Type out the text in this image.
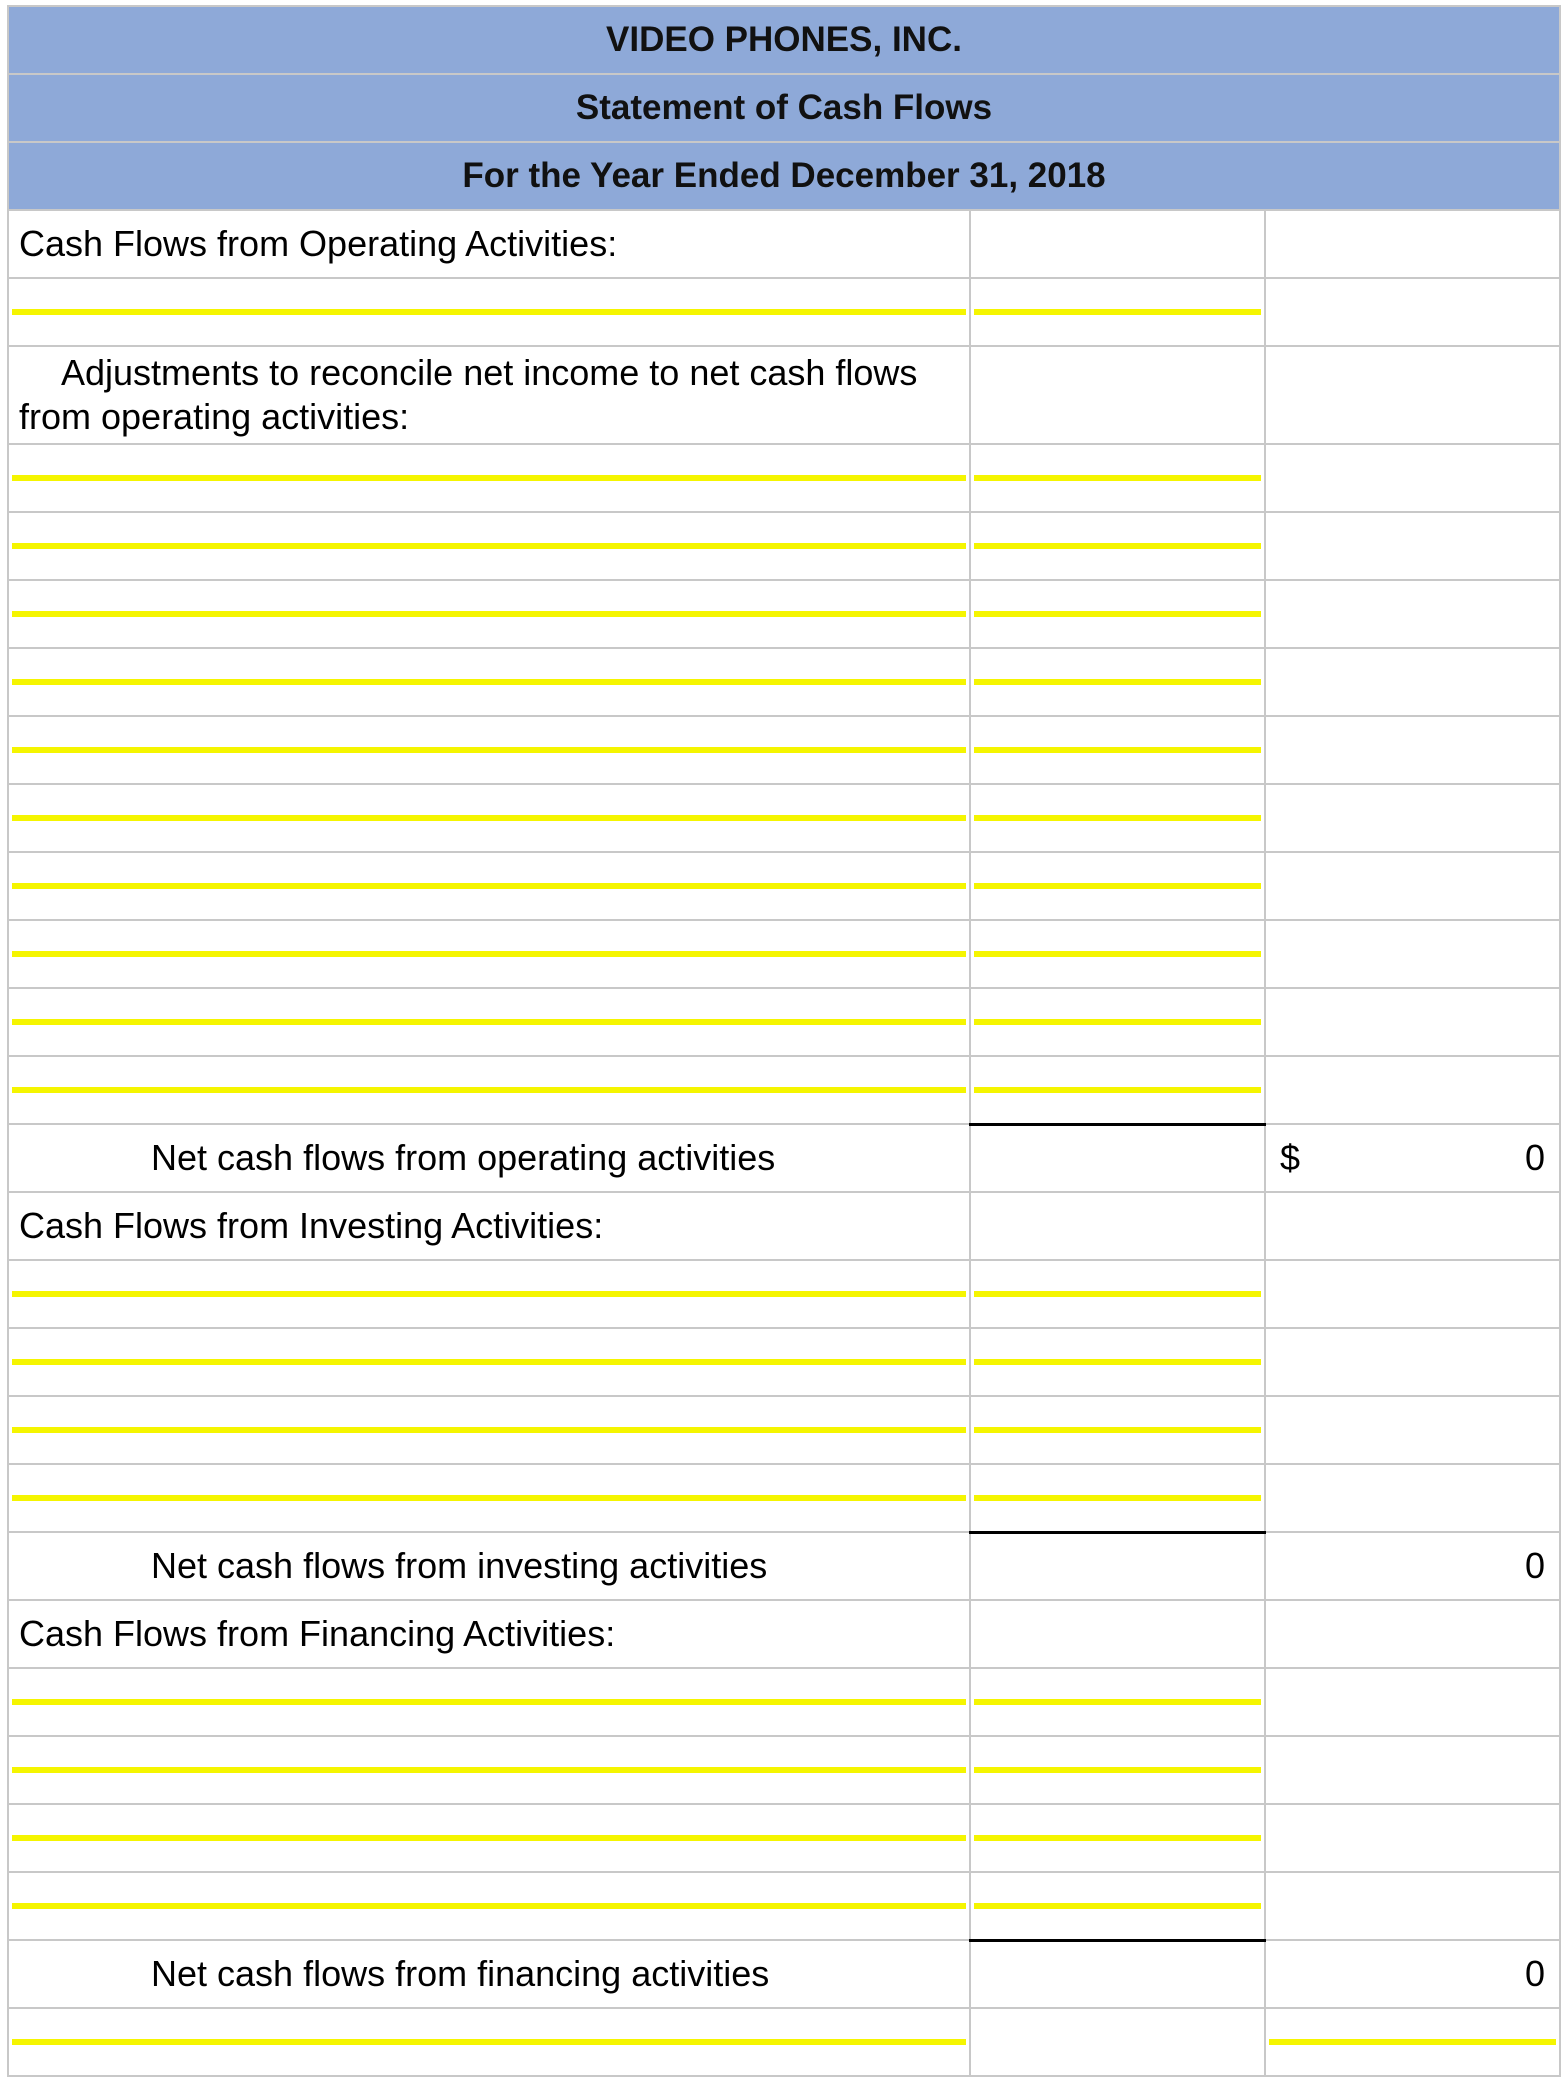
VIDEO PHONES, INC.		
Statement of Cash Flows		
For the Year Ended December 31, 2018		
Cash Flows from Operating Activities:		

Adjustments to reconcile net income to net cash flows from operating activities:		

Net cash flows from operating activities		$ 0

Cash Flows from Investing Activities:		

Net cash flows from investing activities		0

Cash Flows from Financing Activities:		

Net cash flows from financing activities		0
